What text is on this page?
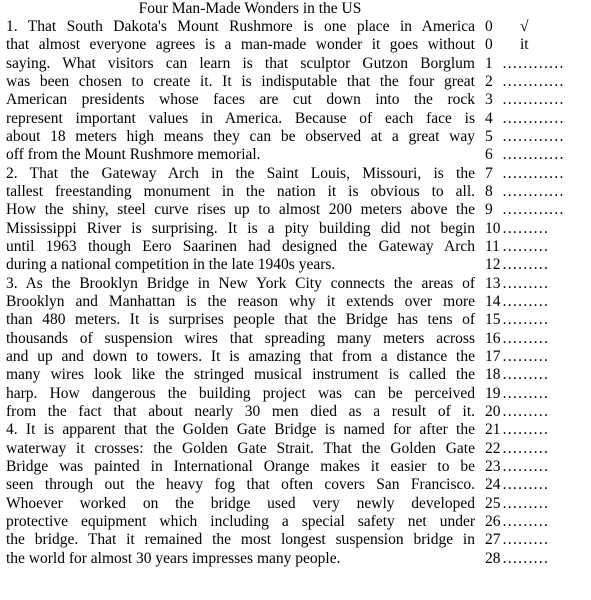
Four Man-Made Wonders in the US
1. That South Dakota's Mount Rushmore is one place in America 0 √
that almost everyone agrees is a man-made wonder it goes without 0 it
saying. What visitors can learn is that sculptor Gutzon Borglum 1 …………
was been chosen to create it. It is indisputable that the four great 2 …………
American presidents whose faces are cut down into the rock 3 …………
represent important values in America. Because of each face is 4 …………
about 18 meters high means they can be observed at a great way 5 …………
off from the Mount Rushmore memorial.	6 …………
2. That the Gateway Arch in the Saint Louis, Missouri, is the 7 …………
tallest freestanding monument in the nation it is obvious to all. 8 …………
How the shiny, steel curve rises up to almost 200 meters above the 9 …………
Mississippi River is surprising. It is a pity building did not begin 10 ………
until 1963 though Eero Saarinen had designed the Gateway Arch 11 ………
during a national competition in the late 1940s years.	12 ………
3. As the Brooklyn Bridge in New York City connects the areas of 13 ………
Brooklyn and Manhattan is the reason why it extends over more 14 ………
than 480 meters. It is surprises people that the Bridge has tens of 15 ………
thousands of suspension wires that spreading many meters across 16 ………
and up and down to towers. It is amazing that from a distance the 17 ………
many wires look like the stringed musical instrument is called the 18 ………
harp. How dangerous the building project was can be perceived 19 ………
from the fact that about nearly 30 men died as a result of it. 20 ………
4. It is apparent that the Golden Gate Bridge is named for after the 21 ………
waterway it crosses: the Golden Gate Strait. That the Golden Gate 22 ………
Bridge was painted in International Orange makes it easier to be 23 ………
seen through out the heavy fog that often covers San Francisco. 24 ………
Whoever worked on the bridge used very newly developed 25 ………
protective equipment which including a special safety net under 26 ………
the bridge. That it remained the most longest suspension bridge in 27 ………
the world for almost 30 years impresses many people.	28 ………
